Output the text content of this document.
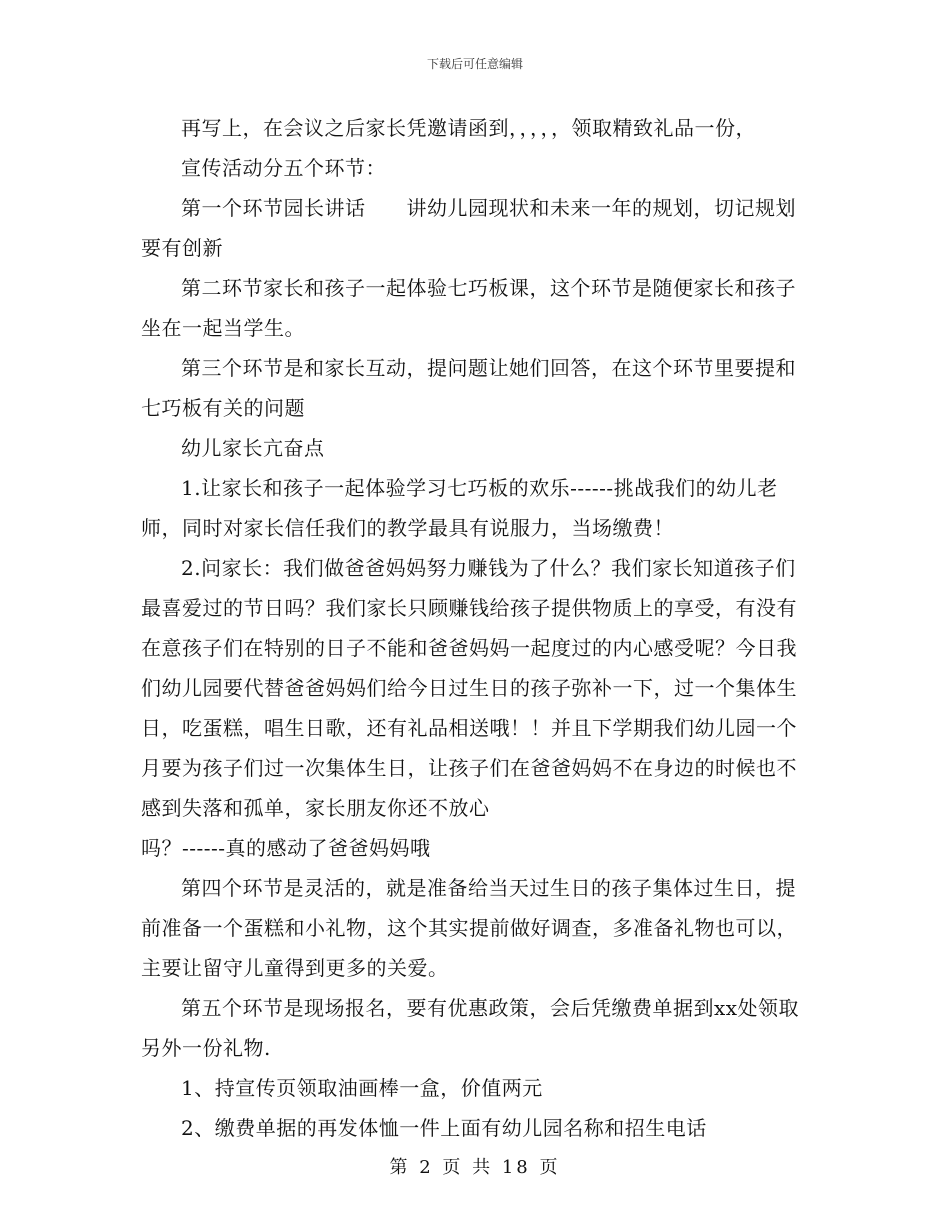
下载后可任意编辑

再写上，在会议之后家长凭邀请函到，，，，，领取精致礼品一份，

宣传活动分五个环节：

第一个环节园长讲话　　讲幼儿园现状和未来一年的规划，切记规划要有创新

第二环节家长和孩子一起体验七巧板课，这个环节是随便家长和孩子坐在一起当学生。

第三个环节是和家长互动，提问题让她们回答，在这个环节里要提和七巧板有关的问题

幼儿家长亢奋点

1.让家长和孩子一起体验学习七巧板的欢乐------挑战我们的幼儿老师，同时对家长信任我们的教学最具有说服力，当场缴费！

2.问家长：我们做爸爸妈妈努力赚钱为了什么？我们家长知道孩子们最喜爱过的节日吗？我们家长只顾赚钱给孩子提供物质上的享受，有没有在意孩子们在特别的日子不能和爸爸妈妈一起度过的内心感受呢？今日我们幼儿园要代替爸爸妈妈们给今日过生日的孩子弥补一下，过一个集体生日，吃蛋糕，唱生日歌，还有礼品相送哦！！并且下学期我们幼儿园一个月要为孩子们过一次集体生日，让孩子们在爸爸妈妈不在身边的时候也不感到失落和孤单，家长朋友你还不放心

吗？------真的感动了爸爸妈妈哦

第四个环节是灵活的，就是准备给当天过生日的孩子集体过生日，提前准备一个蛋糕和小礼物，这个其实提前做好调查，多准备礼物也可以，主要让留守儿童得到更多的关爱。

第五个环节是现场报名，要有优惠政策，会后凭缴费单据到xx处领取另外一份礼物.

1、持宣传页领取油画棒一盒，价值两元

2、缴费单据的再发体恤一件上面有幼儿园名称和招生电话

第 2 页 共 18 页
